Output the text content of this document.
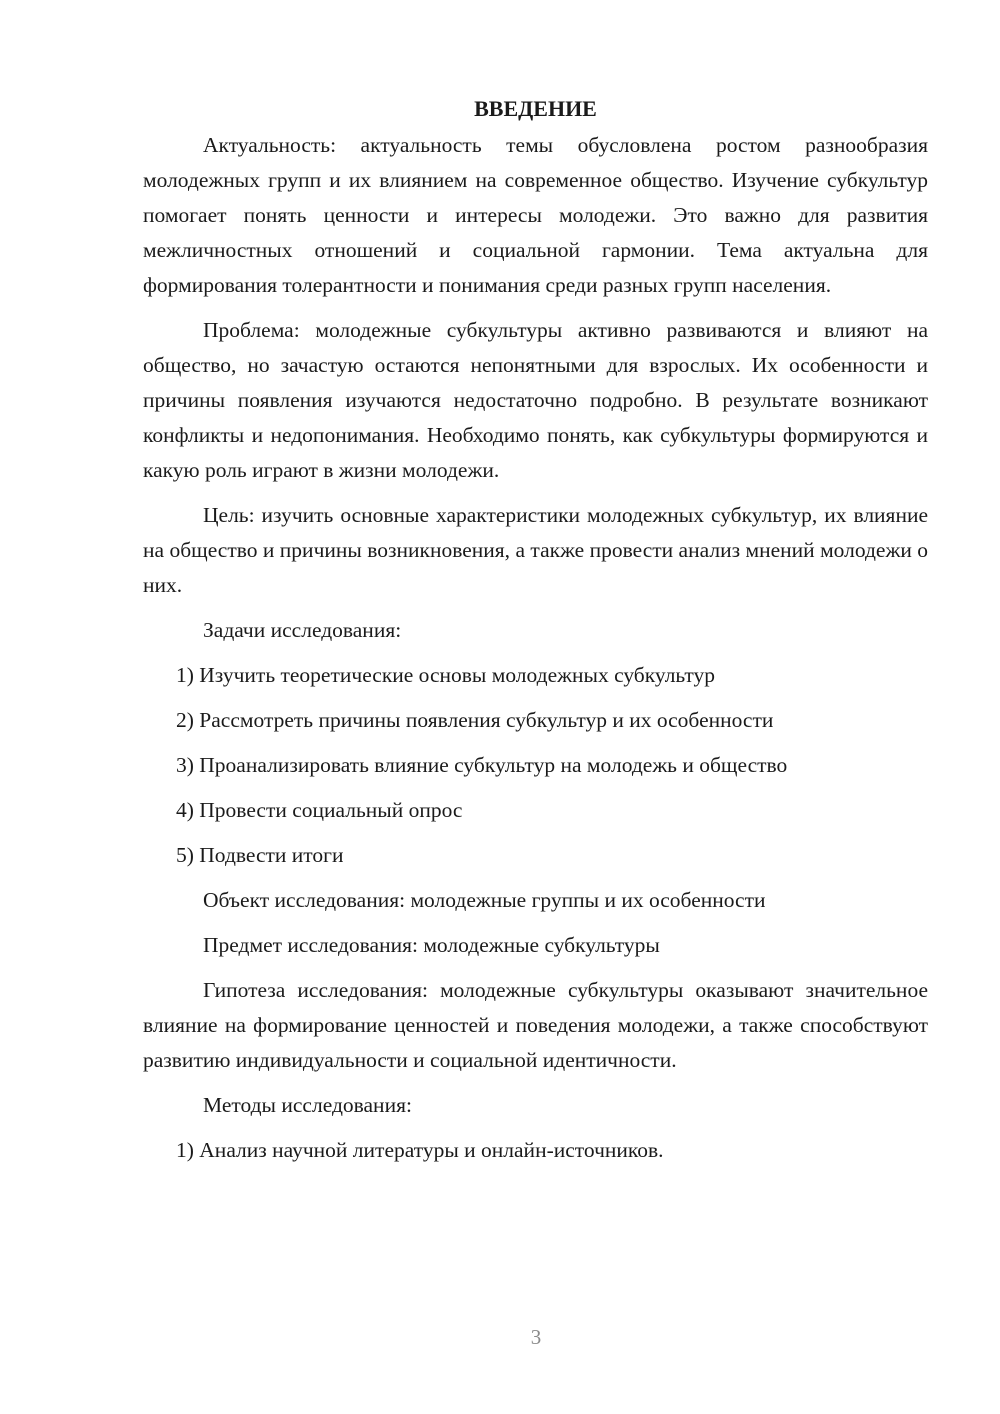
ВВЕДЕНИЕ

Актуальность: актуальность темы обусловлена ростом разнообразия молодежных групп и их влиянием на современное общество. Изучение субкультур помогает понять ценности и интересы молодежи. Это важно для развития межличностных отношений и социальной гармонии. Тема актуальна для формирования толерантности и понимания среди разных групп населения.

Проблема: молодежные субкультуры активно развиваются и влияют на общество, но зачастую остаются непонятными для взрослых. Их особенности и причины появления изучаются недостаточно подробно. В результате возникают конфликты и недопонимания. Необходимо понять, как субкультуры формируются и какую роль играют в жизни молодежи.

Цель: изучить основные характеристики молодежных субкультур, их влияние на общество и причины возникновения, а также провести анализ мнений молодежи о них.

Задачи исследования:
1) Изучить теоретические основы молодежных субкультур
2) Рассмотреть причины появления субкультур и их особенности
3) Проанализировать влияние субкультур на молодежь и общество
4) Провести социальный опрос
5) Подвести итоги
Объект исследования: молодежные группы и их особенности
Предмет исследования: молодежные субкультуры

Гипотеза исследования: молодежные субкультуры оказывают значительное влияние на формирование ценностей и поведения молодежи, а также способствуют развитию индивидуальности и социальной идентичности.

Методы исследования:
1) Анализ научной литературы и онлайн-источников.
3
